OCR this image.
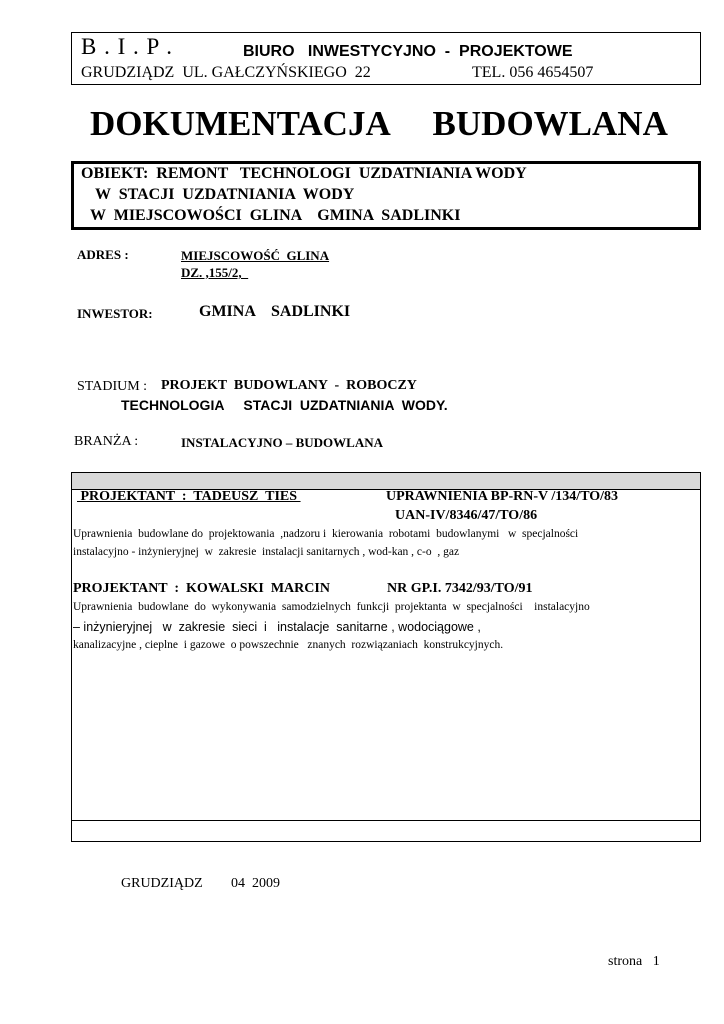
B . I . P .	BIURO   INWESTYCYJNO  -  PROJEKTOWE
GRUDZIĄDZ  UL. GAŁCZYŃSKIEGO  22	TEL. 056 4654507
DOKUMENTACJA     BUDOWLANA
OBIEKT:  REMONT   TECHNOLOGI  UZDATNIANIA WODY
W  STACJI  UZDATNIANIA  WODY
W  MIEJSCOWOŚCI  GLINA    GMINA  SADLINKI
ADRES :	MIEJSCOWOŚĆ  GLINA
DZ. ,155/2,
INWESTOR:	GMINA    SADLINKI
STADIUM : PROJEKT  BUDOWLANY  -  ROBOCZY
TECHNOLOGIA     STACJI  UZDATNIANIA  WODY.
BRANŻA :	INSTALACYJNO – BUDOWLANA
PROJEKTANT  :  TADEUSZ  TIES	UPRAWNIENIA BP-RN-V /134/TO/83
UAN-IV/8346/47/TO/86
Uprawnienia  budowlane do  projektowania  ,nadzoru i  kierowania  robotami  budowlanymi   w  specjalności
instalacyjno - inżynieryjnej  w  zakresie  instalacji sanitarnych , wod-kan , c-o  , gaz
PROJEKTANT  :  KOWALSKI  MARCIN	NR GP.I. 7342/93/TO/91
Uprawnienia  budowlane  do  wykonywania  samodzielnych  funkcji  projektanta  w  specjalności    instalacyjno
– inżynieryjnej   w  zakresie  sieci  i   instalacje  sanitarne , wodociągowe ,
kanalizacyjne , cieplne  i gazowe  o powszechnie   znanych  rozwiązaniach  konstrukcyjnych.
GRUDZIĄDZ 04  2009
strona   1
